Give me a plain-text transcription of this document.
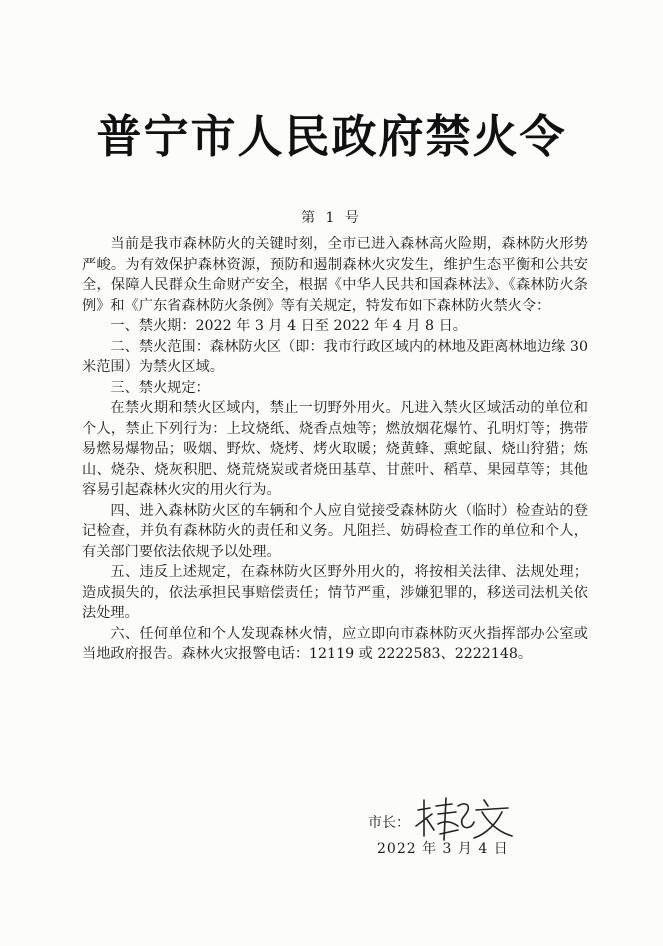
普宁市人民政府禁火令
第 1 号

当前是我市森林防火的关键时刻，全市已进入森林高火险期，森林防火形势严峻。为有效保护森林资源，预防和遏制森林火灾发生，维护生态平衡和公共安全，保障人民群众生命财产安全，根据《中华人民共和国森林法》、《森林防火条例》和《广东省森林防火条例》等有关规定，特发布如下森林防火禁火令：

一、禁火期：2022 年 3 月 4 日至 2022 年 4 月 8 日。

二、禁火范围：森林防火区（即：我市行政区域内的林地及距离林地边缘 30 米范围）为禁火区域。

三、禁火规定：

在禁火期和禁火区域内，禁止一切野外用火。凡进入禁火区域活动的单位和个人，禁止下列行为：上坟烧纸、烧香点烛等；燃放烟花爆竹、孔明灯等；携带易燃易爆物品；吸烟、野炊、烧烤、烤火取暖；烧黄蜂、熏蛇鼠、烧山狩猎；炼山、烧杂、烧灰积肥、烧荒烧炭或者烧田基草、甘蔗叶、稻草、果园草等；其他容易引起森林火灾的用火行为。

四、进入森林防火区的车辆和个人应自觉接受森林防火（临时）检查站的登记检查，并负有森林防火的责任和义务。凡阻拦、妨碍检查工作的单位和个人，有关部门要依法依规予以处理。

五、违反上述规定，在森林防火区野外用火的，将按相关法律、法规处理；造成损失的，依法承担民事赔偿责任；情节严重，涉嫌犯罪的，移送司法机关依法处理。

六、任何单位和个人发现森林火情，应立即向市森林防灭火指挥部办公室或当地政府报告。森林火灾报警电话：12119 或 2222583、2222148。

市长：
2022 年 3 月 4 日
